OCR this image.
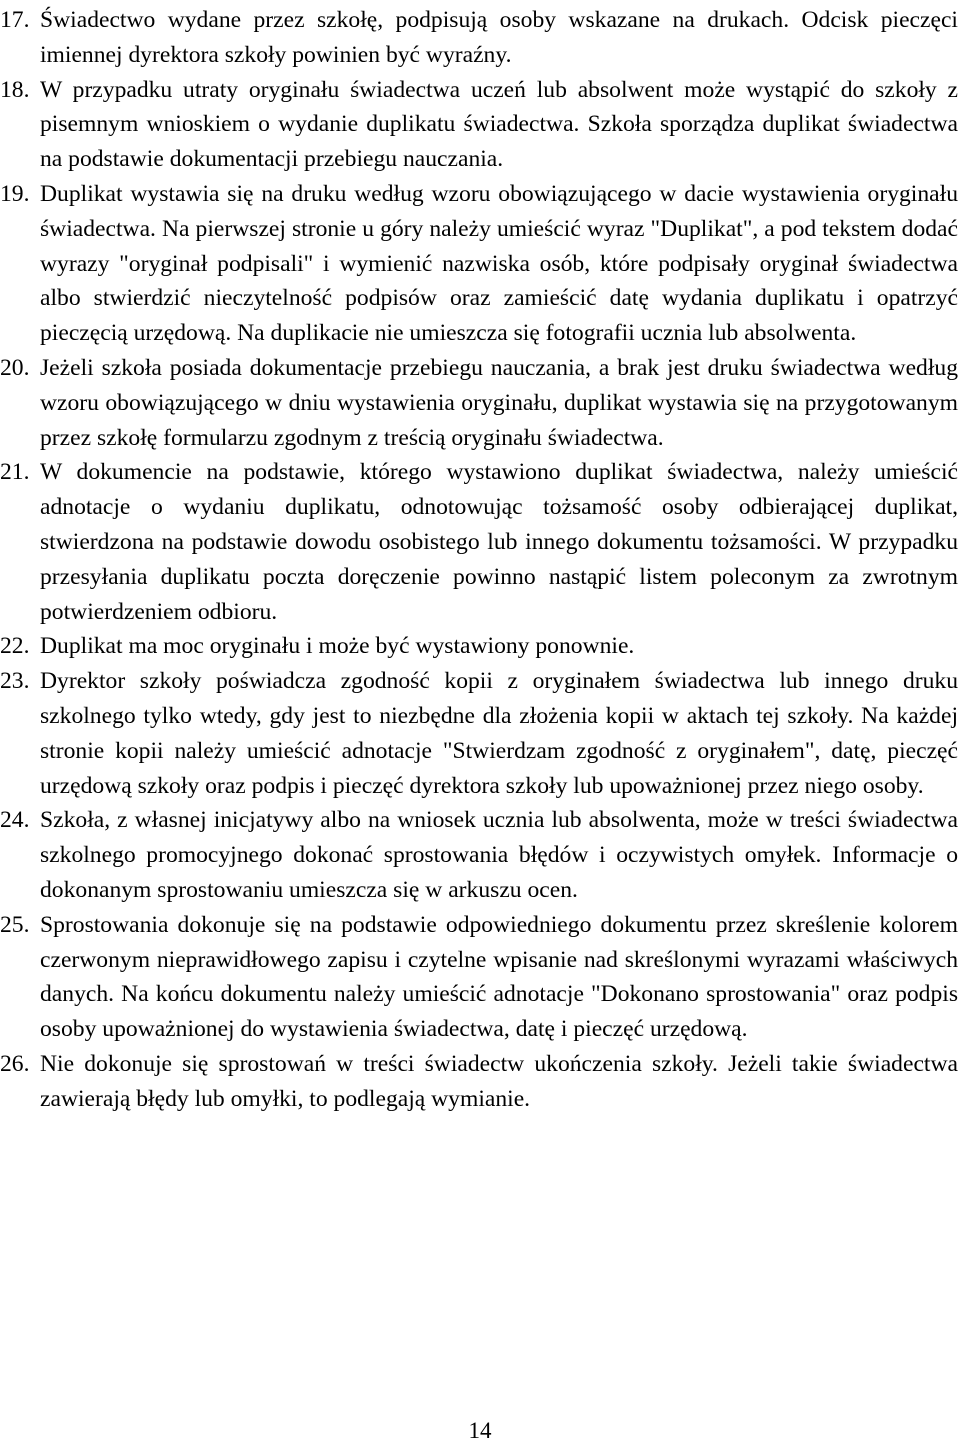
17. Świadectwo wydane przez szkołę, podpisują osoby wskazane na drukach. Odcisk pieczęci imiennej dyrektora szkoły powinien być wyraźny.
18. W przypadku utraty oryginału świadectwa uczeń lub absolwent może wystąpić do szkoły z pisemnym wnioskiem o wydanie duplikatu świadectwa. Szkoła sporządza duplikat świadectwa na podstawie dokumentacji przebiegu nauczania.
19. Duplikat wystawia się na druku według wzoru obowiązującego w dacie wystawienia oryginału świadectwa. Na pierwszej stronie u góry należy umieścić wyraz "Duplikat", a pod tekstem dodać wyrazy "oryginał podpisali" i wymienić nazwiska osób, które podpisały oryginał świadectwa albo stwierdzić nieczytelność podpisów oraz zamieścić datę wydania duplikatu i opatrzyć pieczęcią urzędową. Na duplikacie nie umieszcza się fotografii ucznia lub absolwenta.
20. Jeżeli szkoła posiada dokumentacje przebiegu nauczania, a brak jest druku świadectwa według wzoru obowiązującego w dniu wystawienia oryginału, duplikat wystawia się na przygotowanym przez szkołę formularzu zgodnym z treścią oryginału świadectwa.
21. W dokumencie na podstawie, którego wystawiono duplikat świadectwa, należy umieścić adnotacje o wydaniu duplikatu, odnotowując tożsamość osoby odbierającej duplikat, stwierdzona na podstawie dowodu osobistego lub innego dokumentu tożsamości. W przypadku przesyłania duplikatu poczta doręczenie powinno nastąpić listem poleconym za zwrotnym potwierdzeniem odbioru.
22. Duplikat ma moc oryginału i może być wystawiony ponownie.
23. Dyrektor szkoły poświadcza zgodność kopii z oryginałem świadectwa lub innego druku szkolnego tylko wtedy, gdy jest to niezbędne dla złożenia kopii w aktach tej szkoły. Na każdej stronie kopii należy umieścić adnotacje "Stwierdzam zgodność z oryginałem", datę, pieczęć urzędową szkoły oraz podpis i pieczęć dyrektora szkoły lub upoważnionej przez niego osoby.
24. Szkoła, z własnej inicjatywy albo na wniosek ucznia lub absolwenta, może w treści świadectwa szkolnego promocyjnego dokonać sprostowania błędów i oczywistych omyłek. Informacje o dokonanym sprostowaniu umieszcza się w arkuszu ocen.
25. Sprostowania dokonuje się na podstawie odpowiedniego dokumentu przez skreślenie kolorem czerwonym nieprawidłowego zapisu i czytelne wpisanie nad skreślonymi wyrazami właściwych danych. Na końcu dokumentu należy umieścić adnotacje "Dokonano sprostowania" oraz podpis osoby upoważnionej do wystawienia świadectwa, datę i pieczęć urzędową.
26. Nie dokonuje się sprostowań w treści świadectw ukończenia szkoły. Jeżeli takie świadectwa zawierają błędy lub omyłki, to podlegają wymianie.
14
